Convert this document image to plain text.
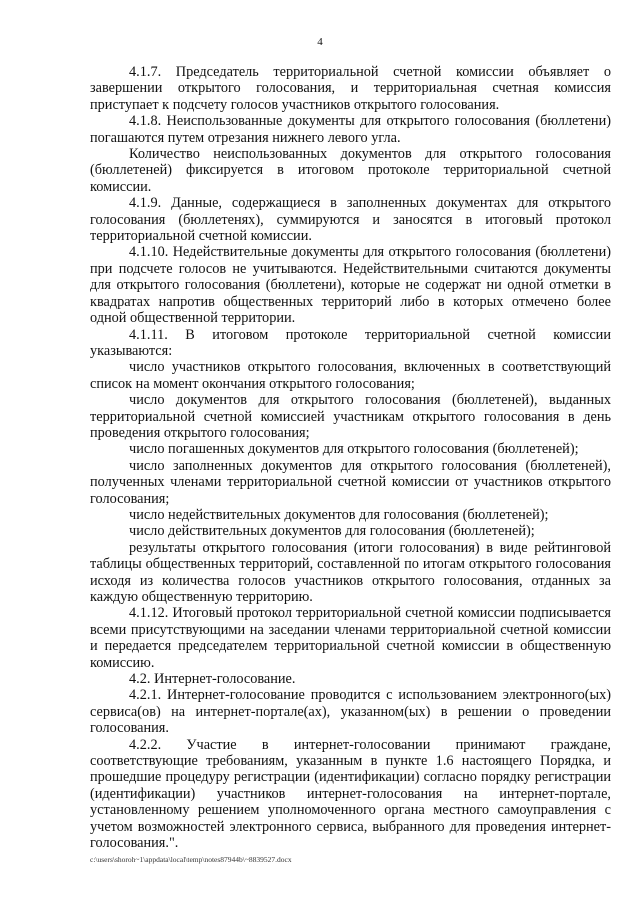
4

4.1.7. Председатель территориальной счетной комиссии объявляет о завершении открытого голосования, и территориальная счетная комиссия приступает к подсчету голосов участников открытого голосования.

4.1.8. Неиспользованные документы для открытого голосования (бюллетени) погашаются путем отрезания нижнего левого угла.

Количество неиспользованных документов для открытого голосования (бюллетеней) фиксируется в итоговом протоколе территориальной счетной комиссии.

4.1.9. Данные, содержащиеся в заполненных документах для открытого голосования (бюллетенях), суммируются и заносятся в итоговый протокол территориальной счетной комиссии.

4.1.10. Недействительные документы для открытого голосования (бюллетени) при подсчете голосов не учитываются. Недействительными считаются документы для открытого голосования (бюллетени), которые не содержат ни одной отметки в квадратах напротив общественных территорий либо в которых отмечено более одной общественной территории.

4.1.11. В итоговом протоколе территориальной счетной комиссии указываются:

число участников открытого голосования, включенных в соответствующий список на момент окончания открытого голосования;

число документов для открытого голосования (бюллетеней), выданных территориальной счетной комиссией участникам открытого голосования в день проведения открытого голосования;

число погашенных документов для открытого голосования (бюллетеней);

число заполненных документов для открытого голосования (бюллетеней), полученных членами территориальной счетной комиссии от участников открытого голосования;

число недействительных документов для голосования (бюллетеней);

число действительных документов для голосования (бюллетеней);

результаты открытого голосования (итоги голосования) в виде рейтинговой таблицы общественных территорий, составленной по итогам открытого голосования исходя из количества голосов участников открытого голосования, отданных за каждую общественную территорию.

4.1.12. Итоговый протокол территориальной счетной комиссии подписывается всеми присутствующими на заседании членами территориальной счетной комиссии и передается председателем территориальной счетной комиссии в общественную комиссию.

4.2. Интернет-голосование.

4.2.1. Интернет-голосование проводится с использованием электронного(ых) сервиса(ов) на интернет-портале(ах), указанном(ых) в решении о проведении голосования.

4.2.2. Участие в интернет-голосовании принимают граждане, соответствующие требованиям, указанным в пункте 1.6 настоящего Порядка, и прошедшие процедуру регистрации (идентификации) согласно порядку регистрации (идентификации) участников интернет-голосования на интернет-портале, установленному решением уполномоченного органа местного самоуправления с учетом возможностей электронного сервиса, выбранного для проведения интернет-голосования.".

c:\users\shoroh~1\appdata\local\temp\notes87944b\~8839527.docx
